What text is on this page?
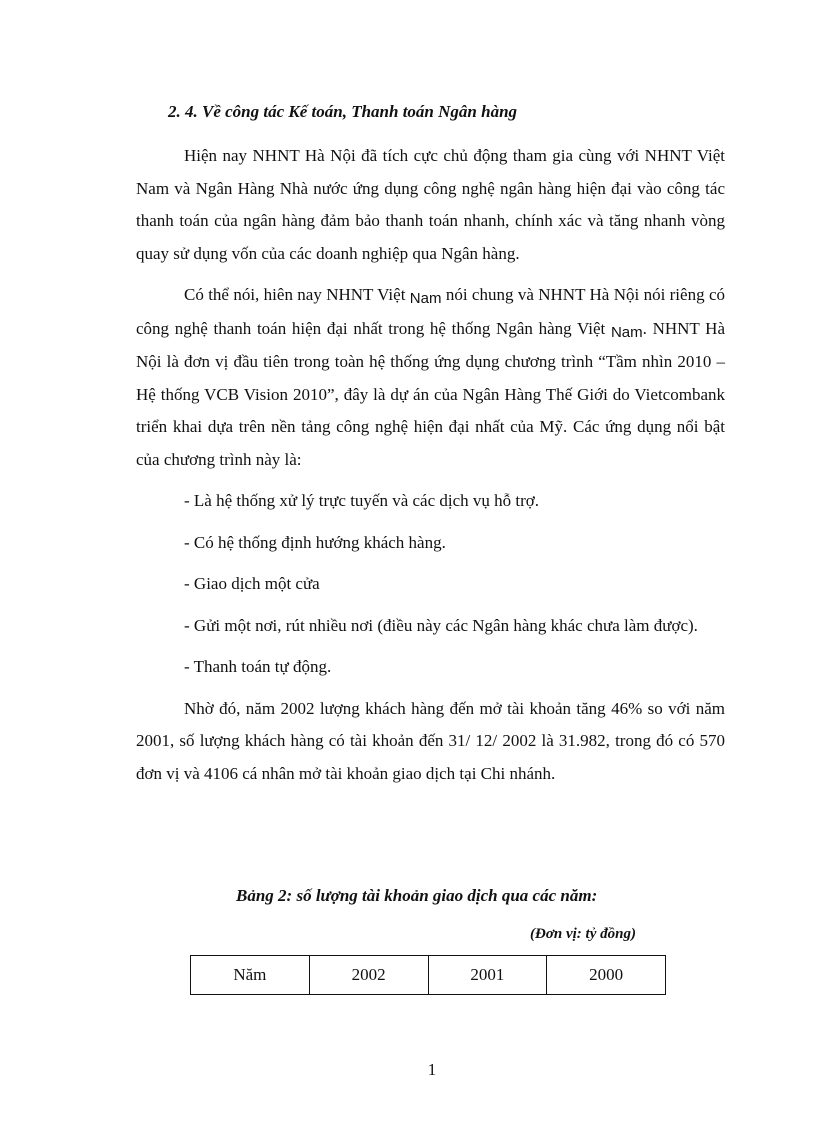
2. 4. Về công tác Kế toán, Thanh toán Ngân hàng

Hiện nay NHNT Hà Nội đã tích cực chủ động tham gia cùng với NHNT Việt Nam và Ngân Hàng Nhà nước ứng dụng công nghệ ngân hàng hiện đại vào công tác thanh toán của ngân hàng đảm bảo thanh toán nhanh, chính xác và tăng nhanh vòng quay sử dụng vốn của các doanh nghiệp qua Ngân hàng.

Có thể nói, hiên nay NHNT Việt Nam nói chung và NHNT Hà Nội nói riêng có công nghệ thanh toán hiện đại nhất trong hệ thống Ngân hàng Việt Nam. NHNT Hà Nội là đơn vị đầu tiên trong toàn hệ thống ứng dụng chương trình “Tầm nhìn 2010 – Hệ thống VCB Vision 2010”, đây là dự án của Ngân Hàng Thế Giới do Vietcombank triển khai dựa trên nền tảng công nghệ hiện đại nhất của Mỹ. Các ứng dụng nổi bật của chương trình này là:

- Là hệ thống xử lý trực tuyến và các dịch vụ hỗ trợ.

- Có hệ thống định hướng khách hàng.

- Giao dịch một cửa

- Gửi một nơi, rút nhiều nơi (điều này các Ngân hàng khác chưa làm được).

- Thanh toán tự động.

Nhờ đó, năm 2002 lượng khách hàng đến mở tài khoản tăng 46% so với năm 2001, số lượng khách hàng có tài khoản đến 31/ 12/ 2002 là 31.982, trong đó có 570 đơn vị và 4106 cá nhân mở tài khoản giao dịch tại Chi nhánh.

Bảng 2: số lượng tài khoản giao dịch qua các năm:
(Đơn vị: tỷ đồng)
Năm	2002	2001	2000
1
